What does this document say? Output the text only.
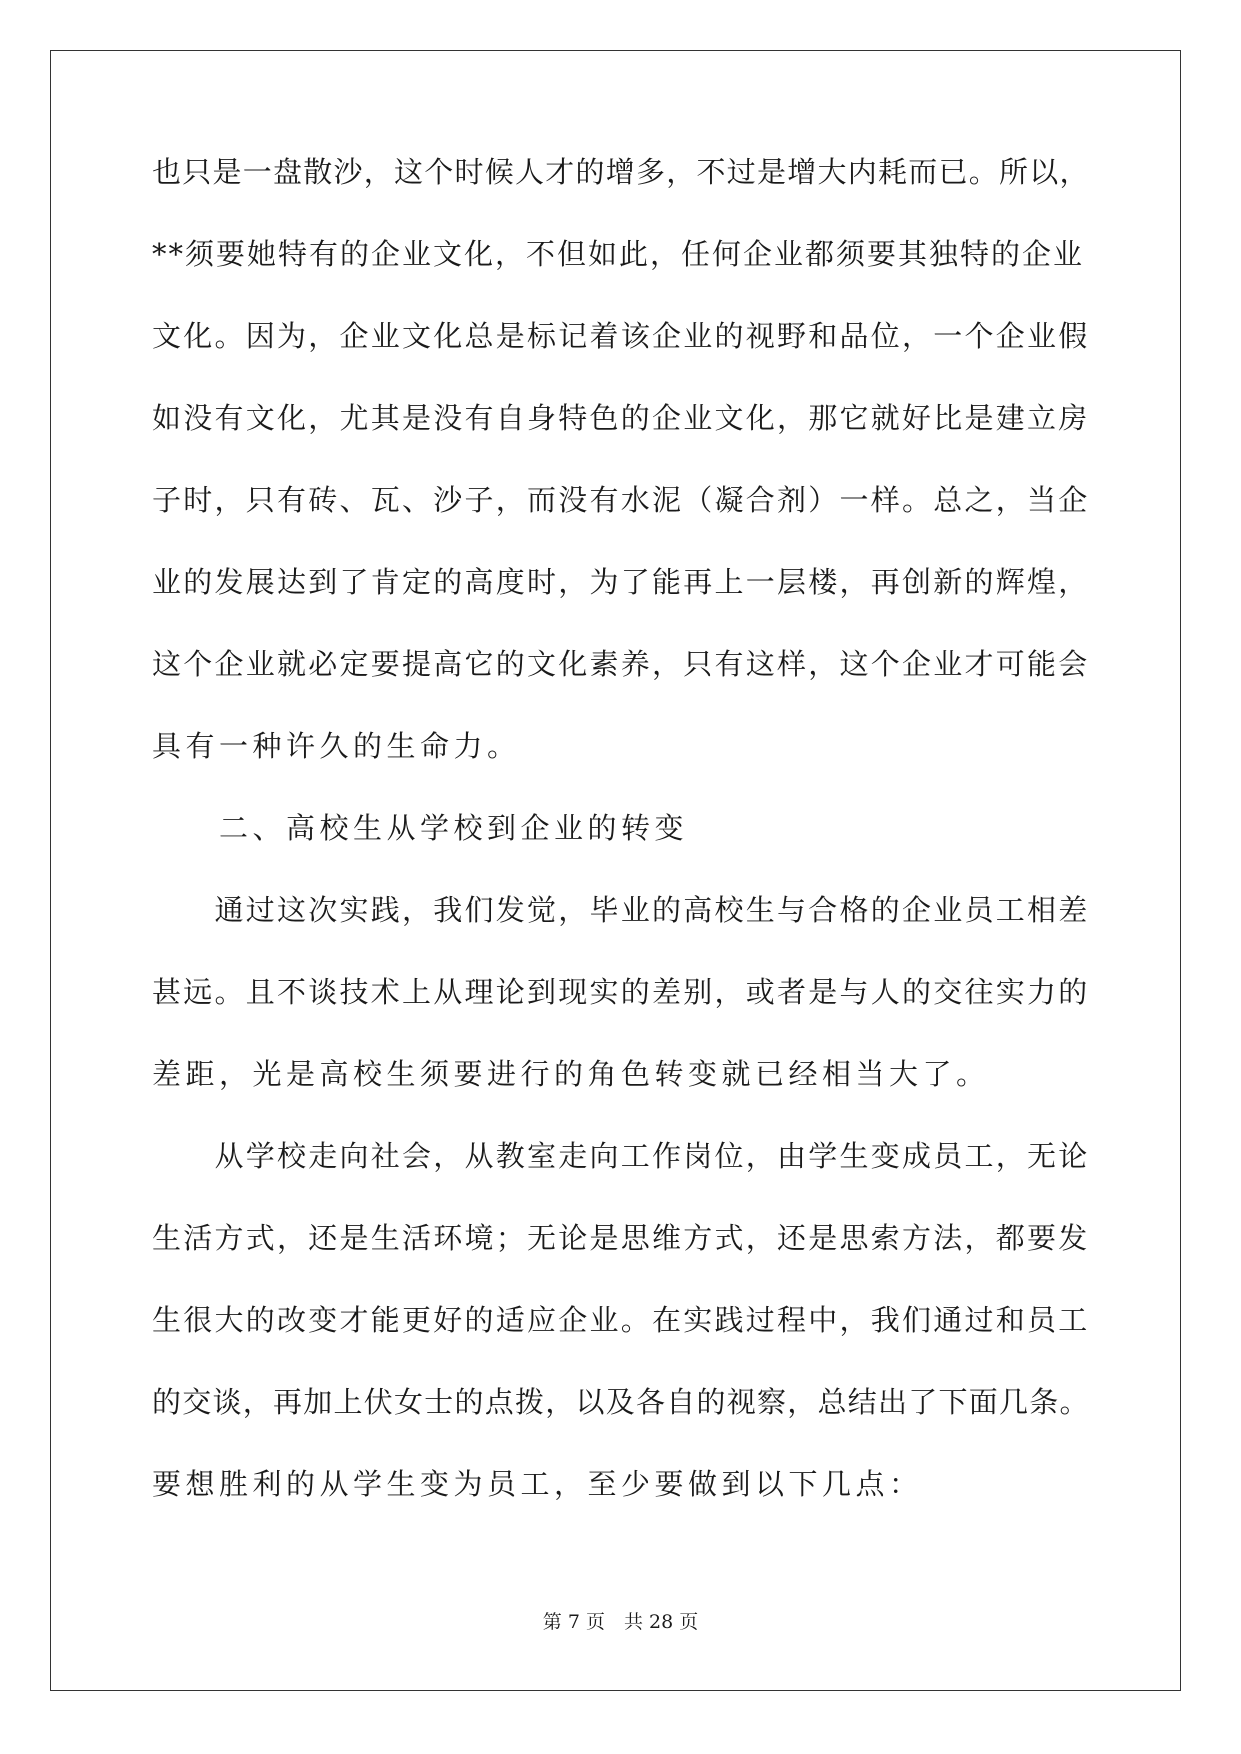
也只是一盘散沙，这个时候人才的增多，不过是增大内耗而已。所以，
**须要她特有的企业文化，不但如此，任何企业都须要其独特的企业
文化。因为，企业文化总是标记着该企业的视野和品位，一个企业假
如没有文化，尤其是没有自身特色的企业文化，那它就好比是建立房
子时，只有砖、瓦、沙子，而没有水泥（凝合剂）一样。总之，当企
业的发展达到了肯定的高度时，为了能再上一层楼，再创新的辉煌，
这个企业就必定要提高它的文化素养，只有这样，这个企业才可能会
具有一种许久的生命力。
　　二、高校生从学校到企业的转变
　　通过这次实践，我们发觉，毕业的高校生与合格的企业员工相差
甚远。且不谈技术上从理论到现实的差别，或者是与人的交往实力的
差距，光是高校生须要进行的角色转变就已经相当大了。
　　从学校走向社会，从教室走向工作岗位，由学生变成员工，无论
生活方式，还是生活环境；无论是思维方式，还是思索方法，都要发
生很大的改变才能更好的适应企业。在实践过程中，我们通过和员工
的交谈，再加上伏女士的点拨，以及各自的视察，总结出了下面几条。
要想胜利的从学生变为员工，至少要做到以下几点：
第 7 页　共 28 页
